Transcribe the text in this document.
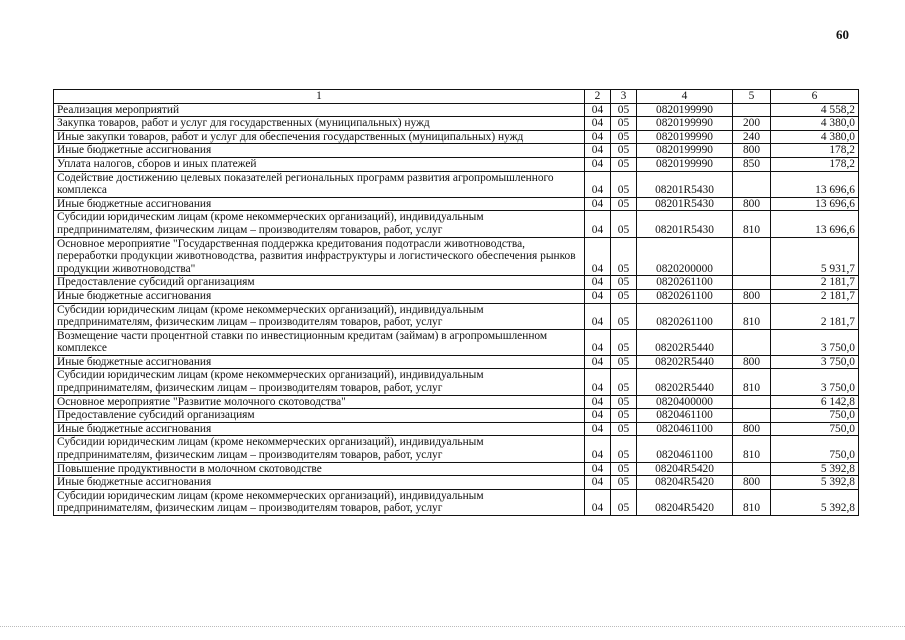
60
1	2	3	4	5	6
Реализация мероприятий	04	05	0820199990		4 558,2
Закупка товаров, работ и услуг для государственных (муниципальных) нужд	04	05	0820199990	200	4 380,0
Иные закупки товаров, работ и услуг для обеспечения государственных (муниципальных) нужд	04	05	0820199990	240	4 380,0
Иные бюджетные ассигнования	04	05	0820199990	800	178,2
Уплата налогов, сборов и иных платежей	04	05	0820199990	850	178,2
Содействие достижению целевых показателей региональных программ развития агропромышленного комплекса	04	05	08201R5430		13 696,6
Иные бюджетные ассигнования	04	05	08201R5430	800	13 696,6
Субсидии юридическим лицам (кроме некоммерческих организаций), индивидуальным предпринимателям, физическим лицам – производителям товаров, работ, услуг	04	05	08201R5430	810	13 696,6
Основное мероприятие "Государственная поддержка кредитования подотрасли животноводства, переработки продукции животноводства, развития инфраструктуры и логистического обеспечения рынков продукции животноводства"	04	05	0820200000		5 931,7
Предоставление субсидий организациям	04	05	0820261100		2 181,7
Иные бюджетные ассигнования	04	05	0820261100	800	2 181,7
Субсидии юридическим лицам (кроме некоммерческих организаций), индивидуальным предпринимателям, физическим лицам – производителям товаров, работ, услуг	04	05	0820261100	810	2 181,7
Возмещение части процентной ставки по инвестиционным кредитам (займам) в агропромышленном комплексе	04	05	08202R5440		3 750,0
Иные бюджетные ассигнования	04	05	08202R5440	800	3 750,0
Субсидии юридическим лицам (кроме некоммерческих организаций), индивидуальным предпринимателям, физическим лицам – производителям товаров, работ, услуг	04	05	08202R5440	810	3 750,0
Основное мероприятие "Развитие молочного скотоводства"	04	05	0820400000		6 142,8
Предоставление субсидий организациям	04	05	0820461100		750,0
Иные бюджетные ассигнования	04	05	0820461100	800	750,0
Субсидии юридическим лицам (кроме некоммерческих организаций), индивидуальным предпринимателям, физическим лицам – производителям товаров, работ, услуг	04	05	0820461100	810	750,0
Повышение продуктивности в молочном скотоводстве	04	05	08204R5420		5 392,8
Иные бюджетные ассигнования	04	05	08204R5420	800	5 392,8
Субсидии юридическим лицам (кроме некоммерческих организаций), индивидуальным предпринимателям, физическим лицам – производителям товаров, работ, услуг	04	05	08204R5420	810	5 392,8
